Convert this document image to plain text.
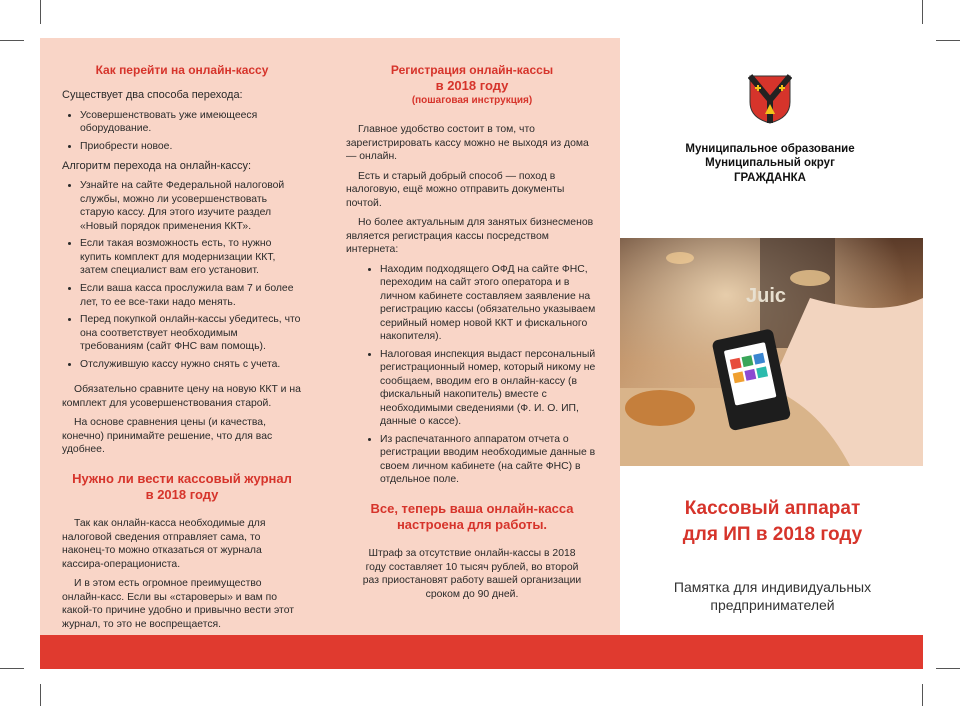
Как перейти на онлайн-кассу

Существует два способа перехода:

• Усовершенствовать уже имеющееся оборудование.
• Приобрести новое.

Алгоритм перехода на онлайн-кассу:

• Узнайте на сайте Федеральной налоговой службы, можно ли усовершенствовать старую кассу. Для этого изучите раздел «Новый порядок применения ККТ».
• Если такая возможность есть, то нужно купить комплект для модернизации ККТ, затем специалист вам его установит.
• Если ваша касса прослужила вам 7 и более лет, то ее все-таки надо менять.
• Перед покупкой онлайн-кассы убедитесь, что она соответствует необходимым требованиям (сайт ФНС вам помощь).
• Отслужившую кассу нужно снять с учета.

Обязательно сравните цену на новую ККТ и на комплект для усовершенствования старой.

На основе сравнения цены (и качества, конечно) принимайте решение, что для вас удобнее.

Нужно ли вести кассовый журнал
в 2018 году

Так как онлайн-касса необходимые для налоговой сведения отправляет сама, то наконец-то можно отказаться от журнала кассира-операциониста.

И в этом есть огромное преимущество онлайн-касс. Если вы «староверы» и вам по какой-то причине удобно и привычно вести этот журнал, то это не воспрещается.

Регистрация онлайн-кассы
в 2018 году
(пошаговая инструкция)

Главное удобство состоит в том, что зарегистрировать кассу можно не выходя из дома — онлайн.

Есть и старый добрый способ — поход в налоговую, ещё можно отправить документы почтой.

Но более актуальным для занятых бизнесменов является регистрация кассы посредством интернета:

• Находим подходящего ОФД на сайте ФНС, переходим на сайт этого оператора и в личном кабинете составляем заявление на регистрацию кассы (обязательно указываем серийный номер новой ККТ и фискального накопителя).
• Налоговая инспекция выдаст персональный регистрационный номер, который никому не сообщаем, вводим его в онлайн-кассу (в фискальный накопитель) вместе с необходимыми сведениями (Ф. И. О. ИП, данные о кассе).
• Из распечатанного аппаратом отчета о регистрации вводим необходимые данные в своем личном кабинете (на сайте ФНС) в отдельное поле.
Все, теперь ваша онлайн-касса
настроена для работы.

Штраф за отсутствие онлайн-кассы в 2018 году составляет 10 тысяч рублей, во второй раз приостановят работу вашей организации сроком до 90 дней.

Муниципальное образование
Муниципальный округ
ГРАЖДАНКА
Juic
Кассовый аппарат
для ИП в 2018 году
Памятка для индивидуальных
предпринимателей
